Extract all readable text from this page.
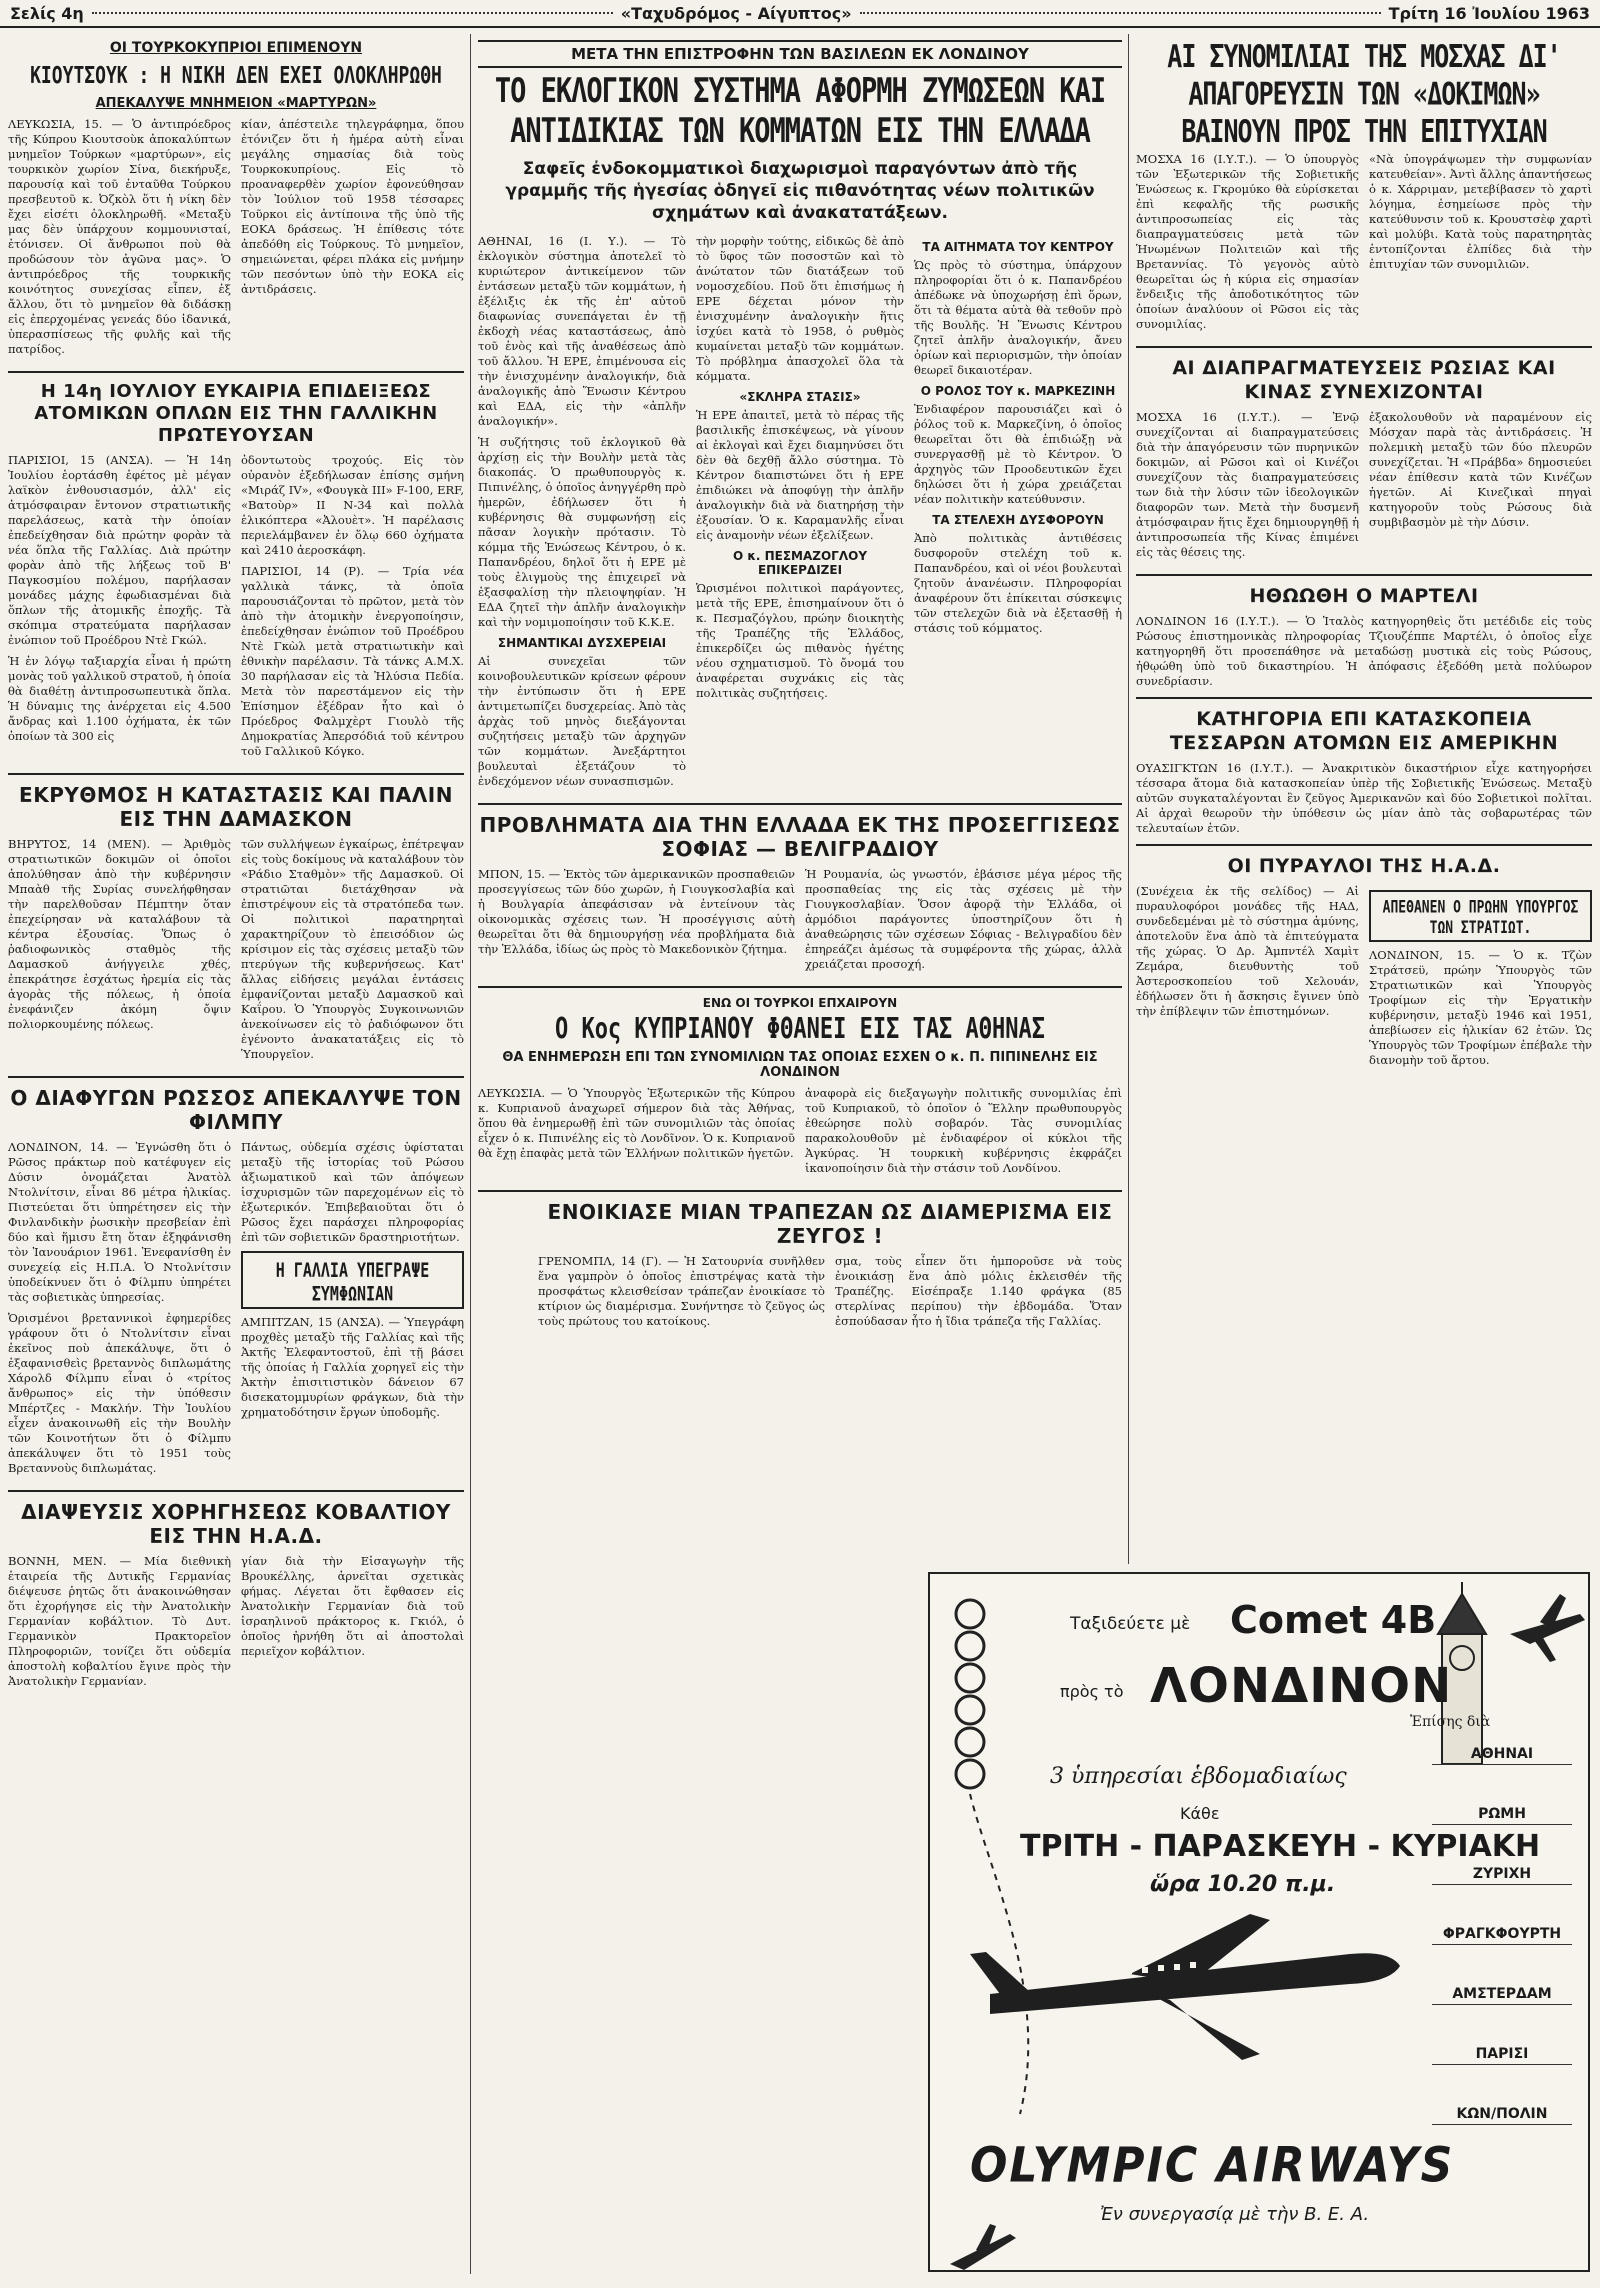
Σελίς 4η	«Ταχυδρόμος - Αίγυπτος»	Τρίτη 16 Ἰουλίου 1963
ΟΙ ΤΟΥΡΚΟΚΥΠΡΙΟΙ ΕΠΙΜΕΝΟΥΝ
ΚΙΟΥΤΣΟΥΚ : Η ΝΙΚΗ ΔΕΝ ΕΧΕΙ ΟΛΟΚΛΗΡΩΘΗ
ΑΠΕΚΑΛΥΨΕ ΜΝΗΜΕΙΟΝ «ΜΑΡΤΥΡΩΝ»

ΛΕΥΚΩΣΙΑ, 15. — Ὁ ἀντιπρόεδρος τῆς Κύπρου Κιουτσοὺκ ἀποκαλύπτων μνημεῖον Τούρκων «μαρτύρων», εἰς τουρκικὸν χωρίον Σίνα, διεκήρυξε, παρουσίᾳ καὶ τοῦ ἐνταῦθα Τούρκου πρεσβευτοῦ κ. Ὀζκὸλ ὅτι ἡ νίκη δὲν ἔχει εἰσέτι ὁλοκληρωθῆ. «Μεταξὺ μας δὲν ὑπάρχουν κομμουνισταί, ἐτόνισεν. Οἱ ἄνθρωποι ποὺ θὰ προδώσουν τὸν ἀγῶνα μας». Ὁ ἀντιπρόεδρος τῆς τουρκικῆς κοινότητος συνεχίσας εἶπεν, ἐξ ἄλλου, ὅτι τὸ μνημεῖον θὰ διδάσκῃ εἰς ἐπερχομένας γενεάς δύο ἰδανικά, ὑπερασπίσεως τῆς φυλῆς καὶ τῆς πατρίδος.

κίαν, ἀπέστειλε τηλεγράφημα, ὅπου ἐτόνιζεν ὅτι ἡ ἡμέρα αὐτὴ εἶναι μεγάλης σημασίας διὰ τοὺς Τουρκοκυπρίους. Εἰς τὸ προαναφερθὲν χωρίον ἐφονεύθησαν τὸν Ἰούλιον τοῦ 1958 τέσσαρες Τοῦρκοι εἰς ἀντίποινα τῆς ὑπὸ τῆς ΕΟΚΑ δράσεως. Ἡ ἐπίθεσις τότε ἀπεδόθη εἰς Τούρκους. Τὸ μνημεῖον, σημειώνεται, φέρει πλάκα εἰς μνήμην τῶν πεσόντων ὑπὸ τὴν ΕΟΚΑ εἰς ἀντιδράσεις.

Η 14η ΙΟΥΛΙΟΥ ΕΥΚΑΙΡΙΑ ΕΠΙΔΕΙΞΕΩΣ ΑΤΟΜΙΚΩΝ ΟΠΛΩΝ ΕΙΣ ΤΗΝ ΓΑΛΛΙΚΗΝ ΠΡΩΤΕΥΟΥΣΑΝ

ΠΑΡΙΣΙΟΙ, 15 (ΑΝΣΑ). — Ἡ 14η Ἰουλίου ἑορτάσθη ἐφέτος μὲ μέγαν λαϊκὸν ἐνθουσιασμόν, ἀλλ' εἰς ἀτμόσφαιραν ἔντονον στρατιωτικῆς παρελάσεως, κατὰ τὴν ὁποίαν ἐπεδείχθησαν διὰ πρώτην φορὰν τὰ νέα ὅπλα τῆς Γαλλίας. Διὰ πρώτην φορὰν ἀπὸ τῆς λήξεως τοῦ Β' Παγκοσμίου πολέμου, παρήλασαν μονάδες μάχης ἐφωδιασμέναι διὰ ὅπλων τῆς ἀτομικῆς ἐποχῆς. Τὰ σκόπιμα στρατεύματα παρήλασαν ἐνώπιον τοῦ Προέδρου Ντὲ Γκώλ.

Ἡ ἐν λόγῳ ταξιαρχία εἶναι ἡ πρώτη μονὰς τοῦ γαλλικοῦ στρατοῦ, ἡ ὁποία θὰ διαθέτῃ ἀντιπροσωπευτικὰ ὅπλα. Ἡ δύναμις της ἀνέρχεται εἰς 4.500 ἄνδρας καὶ 1.100 ὀχήματα, ἐκ τῶν ὁποίων τὰ 300 εἰς

ὀδοντωτοὺς τροχούς. Εἰς τὸν οὐρανὸν ἐξεδήλωσαν ἐπίσης σμήνη «Μιράζ IV», «Φουγκὰ ΙΙΙ» F-100, ERF, «Βατοὺρ» II N-34 καὶ πολλὰ ἑλικόπτερα «Ἀλουὲτ». Ἡ παρέλασις περιελάμβανεν ἐν ὅλῳ 660 ὀχήματα καὶ 2410 ἀεροσκάφη.

ΠΑΡΙΣΙΟΙ, 14 (Ρ). — Τρία νέα γαλλικὰ τάνκς, τὰ ὁποῖα παρουσιάζονται τὸ πρῶτον, μετὰ τὸν ἀπὸ τὴν ἀτομικὴν ἐνεργοποίησιν, ἐπεδείχθησαν ἐνώπιον τοῦ Προέδρου Ντὲ Γκὼλ μετὰ στρατιωτικὴν καὶ ἐθνικὴν παρέλασιν. Τὰ τάνκς Α.Μ.Χ. 30 παρήλασαν εἰς τὰ Ἠλύσια Πεδία. Μετὰ τὸν παρεστάμενον εἰς τὴν Ἐπίσημον ἐξέδραν ἦτο καὶ ὁ Πρόεδρος Φαλμχὲρτ Γιουλὸ τῆς Δημοκρατίας Ἀπερσόδιά τοῦ κέντρου τοῦ Γαλλικοῦ Κόγκο.

ΕΚΡΥΘΜΟΣ Η ΚΑΤΑΣΤΑΣΙΣ ΚΑΙ ΠΑΛΙΝ ΕΙΣ ΤΗΝ ΔΑΜΑΣΚΟΝ

ΒΗΡΥΤΟΣ, 14 (ΜΕΝ). — Ἀριθμὸς στρατιωτικῶν δοκιμῶν οἱ ὁποῖοι ἀπολύθησαν ἀπὸ τὴν κυβέρνησιν Μπαὰθ τῆς Συρίας συνελήφθησαν τὴν παρελθοῦσαν Πέμπτην ὅταν ἐπεχείρησαν νὰ καταλάβουν τὰ κέντρα ἐξουσίας. Ὅπως ὁ ῥαδιοφωνικὸς σταθμὸς τῆς Δαμασκοῦ ἀνήγγειλε χθές, ἐπεκράτησε ἐσχάτως ἠρεμία εἰς τὰς ἀγορὰς τῆς πόλεως, ἡ ὁποία ἐνεφάνιζεν ἀκόμη ὄψιν πολιορκουμένης πόλεως.

τῶν συλλήψεων ἐγκαίρως, ἐπέτρεψαν εἰς τοὺς δοκίμους νὰ καταλάβουν τὸν «Ράδιο Σταθμὸν» τῆς Δαμασκοῦ. Οἱ στρατιῶται διετάχθησαν νὰ ἐπιστρέψουν εἰς τὰ στρατόπεδα των. Οἱ πολιτικοὶ παρατηρηταὶ χαρακτηρίζουν τὸ ἐπεισόδιον ὡς κρίσιμον εἰς τὰς σχέσεις μεταξὺ τῶν πτερύγων τῆς κυβερνήσεως. Κατ' ἄλλας εἰδήσεις μεγάλαι ἐντάσεις ἐμφανίζονται μεταξὺ Δαμασκοῦ καὶ Καΐρου. Ὁ Ὑπουργὸς Συγκοινωνιῶν ἀνεκοίνωσεν εἰς τὸ ῥαδιόφωνον ὅτι ἐγένοντο ἀνακατατάξεις εἰς τὸ Ὑπουργεῖον.

Ο ΔΙΑΦΥΓΩΝ ΡΩΣΣΟΣ ΑΠΕΚΑΛΥΨΕ ΤΟΝ ΦΙΛΜΠΥ

ΛΟΝΔΙΝΟΝ, 14. — Ἐγνώσθη ὅτι ὁ Ρῶσος πράκτωρ ποὺ κατέφυγεν εἰς Δύσιν ὀνομάζεται Ἀνατὸλ Ντολνίτσιν, εἶναι 86 μέτρα ἡλικίας. Πιστεύεται ὅτι ὑπηρέτησεν εἰς τὴν Φινλανδικὴν ῥωσικὴν πρεσβείαν ἐπὶ δύο καὶ ἥμισυ ἔτη ὅταν ἐξηφάνισθη τὸν Ἰανουάριον 1961. Ἐνεφανίσθη ἐν συνεχείᾳ εἰς Η.Π.Α. Ὁ Ντολνίτσιν ὑποδείκνυεν ὅτι ὁ Φίλμπυ ὑπηρέτει τὰς σοβιετικὰς ὑπηρεσίας.

Ὁρισμένοι βρεταννικοὶ ἐφημερίδες γράφουν ὅτι ὁ Ντολνίτσιν εἶναι ἐκεῖνος ποὺ ἀπεκάλυψε, ὅτι ὁ ἐξαφανισθεὶς βρεταννὸς διπλωμάτης Χάρολδ Φίλμπυ εἶναι ὁ «τρίτος ἄνθρωπος» εἰς τὴν ὑπόθεσιν Μπέρτζες - Μακλήν. Τὴν Ἰουλίου εἶχεν ἀνακοινωθῆ εἰς τὴν Βουλὴν τῶν Κοινοτήτων ὅτι ὁ Φίλμπυ ἀπεκάλυψεν ὅτι τὸ 1951 τοὺς Βρεταννοὺς διπλωμάτας.

Πάντως, οὐδεμία σχέσις ὑφίσταται μεταξὺ τῆς ἱστορίας τοῦ Ρώσου ἀξιωματικοῦ καὶ τῶν ἀπόψεων ἰσχυρισμῶν τῶν παρεχομένων εἰς τὸ ἐξωτερικόν. Ἐπιβεβαιοῦται ὅτι ὁ Ρῶσος ἔχει παράσχει πληροφορίας ἐπὶ τῶν σοβιετικῶν δραστηριοτήτων.

Η ΓΑΛΛΙΑ ΥΠΕΓΡΑΨΕ ΣΥΜΦΩΝΙΑΝ

ΑΜΠΙΤΖΑΝ, 15 (ΑΝΣΑ). — Ὑπεγράφη προχθὲς μεταξὺ τῆς Γαλλίας καὶ τῆς Ἀκτῆς Ἐλεφαντοστοῦ, ἐπὶ τῇ βάσει τῆς ὁποίας ἡ Γαλλία χορηγεῖ εἰς τὴν Ἀκτὴν ἐπισιτιστικὸν δάνειον 67 δισεκατομμυρίων φράγκων, διὰ τὴν χρηματοδότησιν ἔργων ὑποδομῆς.

ΔΙΑΨΕΥΣΙΣ ΧΟΡΗΓΗΣΕΩΣ ΚΟΒΑΛΤΙΟΥ ΕΙΣ ΤΗΝ Η.Α.Δ.

ΒΟΝΝΗ, ΜΕΝ. — Μία διεθνικὴ ἑταιρεία τῆς Δυτικῆς Γερμανίας διέψευσε ῥητῶς ὅτι ἀνακοινώθησαν ὅτι ἐχορήγησε εἰς τὴν Ἀνατολικὴν Γερμανίαν κοβάλτιον. Τὸ Δυτ. Γερμανικὸν Πρακτορεῖον Πληροφοριῶν, τονίζει ὅτι οὐδεμία ἀποστολὴ κοβαλτίου ἔγινε πρὸς τὴν Ἀνατολικὴν Γερμανίαν.

γίαν διὰ τὴν Εἰσαγωγὴν τῆς Βρουκέλλης, ἀρνεῖται σχετικὰς φήμας. Λέγεται ὅτι ἔφθασεν εἰς Ἀνατολικὴν Γερμανίαν διὰ τοῦ ἰσραηλινοῦ πράκτορος κ. Γκιόλ, ὁ ὁποῖος ἠρνήθη ὅτι αἱ ἀποστολαὶ περιεῖχον κοβάλτιον.

ΜΕΤΑ ΤΗΝ ΕΠΙΣΤΡΟΦΗΝ ΤΩΝ ΒΑΣΙΛΕΩΝ ΕΚ ΛΟΝΔΙΝΟΥ
ΤΟ ΕΚΛΟΓΙΚΟΝ ΣΥΣΤΗΜΑ ΑΦΟΡΜΗ ΖΥΜΩΣΕΩΝ ΚΑΙ ΑΝΤΙΔΙΚΙΑΣ ΤΩΝ ΚΟΜΜΑΤΩΝ ΕΙΣ ΤΗΝ ΕΛΛΑΔΑ
Σαφεῖς ἐνδοκομματικοὶ διαχωρισμοὶ παραγόντων ἀπὸ τῆς γραμμῆς τῆς ἡγεσίας ὁδηγεῖ εἰς πιθανότητας νέων πολιτικῶν σχημάτων καὶ ἀνακατατάξεων.

ΑΘΗΝΑΙ, 16 (Ι. Υ.). — Τὸ ἐκλογικὸν σύστημα ἀποτελεῖ τὸ κυριώτερον ἀντικείμενον τῶν ἐντάσεων μεταξὺ τῶν κομμάτων, ἡ ἐξέλιξις ἐκ τῆς ἐπ' αὐτοῦ διαφωνίας συνεπάγεται ἐν τῇ ἐκδοχὴ νέας καταστάσεως, ἀπὸ τοῦ ἑνὸς καὶ τῆς ἀναθέσεως ἀπὸ τοῦ ἄλλου. Ἡ ΕΡΕ, ἐπιμένουσα εἰς τὴν ἐνισχυμένην ἀναλογικήν, διὰ ἀναλογικῆς ἀπὸ Ἕνωσιν Κέντρου καὶ ΕΔΑ, εἰς τὴν «ἀπλῆν ἀναλογικήν».

Ἡ συζήτησις τοῦ ἐκλογικοῦ θὰ ἀρχίσῃ εἰς τὴν Βουλὴν μετὰ τὰς διακοπάς. Ὁ πρωθυπουργὸς κ. Πιπινέλης, ὁ ὁποῖος ἀνηγγέρθη πρὸ ἡμερῶν, ἐδήλωσεν ὅτι ἡ κυβέρνησις θὰ συμφωνήσῃ εἰς πᾶσαν λογικὴν πρότασιν. Τὸ κόμμα τῆς Ἑνώσεως Κέντρου, ὁ κ. Παπανδρέου, δηλοῖ ὅτι ἡ ΕΡΕ μὲ τοὺς ἐλιγμοὺς της ἐπιχειρεῖ νὰ ἐξασφαλίσῃ τὴν πλειοψηφίαν. Ἡ ΕΔΑ ζητεῖ τὴν ἁπλῆν ἀναλογικὴν καὶ τὴν νομιμοποίησιν τοῦ Κ.Κ.Ε.

ΣΗΜΑΝΤΙΚΑΙ ΔΥΣΧΕΡΕΙΑΙ

Αἱ συνεχεῖαι τῶν κοινοβουλευτικῶν κρίσεων φέρουν τὴν ἐντύπωσιν ὅτι ἡ ΕΡΕ ἀντιμετωπίζει δυσχερείας. Ἀπὸ τὰς ἀρχὰς τοῦ μηνὸς διεξάγονται συζητήσεις μεταξὺ τῶν ἀρχηγῶν τῶν κομμάτων. Ἀνεξάρτητοι βουλευταὶ ἐξετάζουν τὸ ἐνδεχόμενον νέων συνασπισμῶν.

τὴν μορφὴν τούτης, εἰδικῶς δὲ ἀπὸ τὸ ὕφος τῶν ποσοστῶν καὶ τὸ ἀνώτατον τῶν διατάξεων τοῦ νομοσχεδίου. Ποῦ ὅτι ἐπισήμως ἡ ΕΡΕ δέχεται μόνον τὴν ἐνισχυμένην ἀναλογικὴν ἥτις ἰσχύει κατὰ τὸ 1958, ὁ ρυθμὸς κυμαίνεται μεταξὺ τῶν κομμάτων. Τὸ πρόβλημα ἀπασχολεῖ ὅλα τὰ κόμματα.

«ΣΚΛΗΡΑ ΣΤΑΣΙΣ»

Ἡ ΕΡΕ ἀπαιτεῖ, μετὰ τὸ πέρας τῆς βασιλικῆς ἐπισκέψεως, νὰ γίνουν αἱ ἐκλογαὶ καὶ ἔχει διαμηνύσει ὅτι δὲν θὰ δεχθῇ ἄλλο σύστημα. Τὸ Κέντρον διαπιστώνει ὅτι ἡ ΕΡΕ ἐπιδιώκει νὰ ἀποφύγῃ τὴν ἀπλῆν ἀναλογικὴν διὰ νὰ διατηρήσῃ τὴν ἐξουσίαν. Ὁ κ. Καραμανλῆς εἶναι εἰς ἀναμονὴν νέων ἐξελίξεων.

Ο κ. ΠΕΣΜΑΖΟΓΛΟΥ ΕΠΙΚΕΡΔΙΖΕΙ

Ὡρισμένοι πολιτικοὶ παράγοντες, μετὰ τῆς ΕΡΕ, ἐπισημαίνουν ὅτι ὁ κ. Πεσμαζόγλου, πρώην διοικητὴς τῆς Τραπέζης τῆς Ἑλλάδος, ἐπικερδίζει ὡς πιθανὸς ἡγέτης νέου σχηματισμοῦ. Τὸ ὄνομά του ἀναφέρεται συχνάκις εἰς τὰς πολιτικὰς συζητήσεις.

ΤΑ ΑΙΤΗΜΑΤΑ ΤΟΥ ΚΕΝΤΡΟΥ

Ὡς πρὸς τὸ σύστημα, ὑπάρχουν πληροφορίαι ὅτι ὁ κ. Παπανδρέου ἀπέδωκε νὰ ὑποχωρήσῃ ἐπὶ ὅρων, ὅτι τὰ θέματα αὐτὰ θὰ τεθοῦν πρὸ τῆς Βουλῆς. Ἡ Ἕνωσις Κέντρου ζητεῖ ἀπλῆν ἀναλογικήν, ἄνευ ὁρίων καὶ περιορισμῶν, τὴν ὁποίαν θεωρεῖ δικαιοτέραν.

Ο ΡΟΛΟΣ ΤΟΥ κ. ΜΑΡΚΕΖΙΝΗ

Ἐνδιαφέρον παρουσιάζει καὶ ὁ ῥόλος τοῦ κ. Μαρκεζίνη, ὁ ὁποῖος θεωρεῖται ὅτι θὰ ἐπιδιώξῃ νὰ συνεργασθῇ μὲ τὸ Κέντρον. Ὁ ἀρχηγὸς τῶν Προοδευτικῶν ἔχει δηλώσει ὅτι ἡ χώρα χρειάζεται νέαν πολιτικὴν κατεύθυνσιν.

ΤΑ ΣΤΕΛΕΧΗ ΔΥΣΦΟΡΟΥΝ

Ἀπὸ πολιτικὰς ἀντιθέσεις δυσφοροῦν στελέχη τοῦ κ. Παπανδρέου, καὶ οἱ νέοι βουλευταὶ ζητοῦν ἀνανέωσιν. Πληροφορίαι ἀναφέρουν ὅτι ἐπίκειται σύσκεψις τῶν στελεχῶν διὰ νὰ ἐξετασθῇ ἡ στάσις τοῦ κόμματος.

ΠΡΟΒΛΗΜΑΤΑ ΔΙΑ ΤΗΝ ΕΛΛΑΔΑ ΕΚ ΤΗΣ ΠΡΟΣΕΓΓΙΣΕΩΣ ΣΟΦΙΑΣ — ΒΕΛΙΓΡΑΔΙΟΥ

ΜΠΟΝ, 15. — Ἐκτὸς τῶν ἀμερικανικῶν προσπαθειῶν προσεγγίσεως τῶν δύο χωρῶν, ἡ Γιουγκοσλαβία καὶ ἡ Βουλγαρία ἀπεφάσισαν νὰ ἐντείνουν τὰς οἰκονομικὰς σχέσεις των. Ἡ προσέγγισις αὐτὴ θεωρεῖται ὅτι θὰ δημιουργήσῃ νέα προβλήματα διὰ τὴν Ἑλλάδα, ἰδίως ὡς πρὸς τὸ Μακεδονικὸν ζήτημα.

Ἡ Ρουμανία, ὡς γνωστόν, ἐβάσισε μέγα μέρος τῆς προσπαθείας της εἰς τὰς σχέσεις μὲ τὴν Γιουγκοσλαβίαν. Ὅσον ἀφορᾷ τὴν Ἑλλάδα, οἱ ἁρμόδιοι παράγοντες ὑποστηρίζουν ὅτι ἡ ἀναθεώρησις τῶν σχέσεων Σόφιας - Βελιγραδίου δὲν ἐπηρεάζει ἀμέσως τὰ συμφέροντα τῆς χώρας, ἀλλὰ χρειάζεται προσοχή.

ΕΝΩ ΟΙ ΤΟΥΡΚΟΙ ΕΠΧΑΙΡΟΥΝ
Ο Κος ΚΥΠΡΙΑΝΟΥ ΦΘΑΝΕΙ ΕΙΣ ΤΑΣ ΑΘΗΝΑΣ
ΘΑ ΕΝΗΜΕΡΩΣΗ ΕΠΙ ΤΩΝ ΣΥΝΟΜΙΛΙΩΝ ΤΑΣ ΟΠΟΙΑΣ ΕΣΧΕΝ Ο κ. Π. ΠΙΠΙΝΕΛΗΣ ΕΙΣ ΛΟΝΔΙΝΟΝ

ΛΕΥΚΩΣΙΑ. — Ὁ Ὑπουργὸς Ἐξωτερικῶν τῆς Κύπρου κ. Κυπριανοῦ ἀναχωρεῖ σήμερον διὰ τὰς Ἀθήνας, ὅπου θὰ ἐνημερωθῇ ἐπὶ τῶν συνομιλιῶν τὰς ὁποίας εἶχεν ὁ κ. Πιπινέλης εἰς τὸ Λονδῖνον. Ὁ κ. Κυπριανοῦ θὰ ἔχῃ ἐπαφὰς μετὰ τῶν Ἑλλήνων πολιτικῶν ἡγετῶν.

ἀναφορὰ εἰς διεξαγωγὴν πολιτικῆς συνομιλίας ἐπὶ τοῦ Κυπριακοῦ, τὸ ὁποῖον ὁ Ἕλλην πρωθυπουργὸς ἐθεώρησε πολὺ σοβαρόν. Τὰς συνομιλίας παρακολουθοῦν μὲ ἐνδιαφέρον οἱ κύκλοι τῆς Ἀγκύρας. Ἡ τουρκικὴ κυβέρνησις ἐκφράζει ἱκανοποίησιν διὰ τὴν στάσιν τοῦ Λονδίνου.

ΕΝΟΙΚΙΑΣΕ ΜΙΑΝ ΤΡΑΠΕΖΑΝ ΩΣ ΔΙΑΜΕΡΙΣΜΑ ΕΙΣ ΖΕΥΓΟΣ !

ΓΡΕΝΟΜΠΛ, 14 (Γ). — Ἡ Σατουρνία συνῆλθεν ἕνα γαμπρὸν ὁ ὁποῖος ἐπιστρέψας κατὰ τὴν προσφάτως κλεισθείσαν τράπεζαν ἐνοικίασε τὸ κτίριον ὡς διαμέρισμα. Συνήντησε τὸ ζεῦγος ὡς τοὺς πρώτους του κατοίκους.

σμα, τοὺς εἶπεν ὅτι ἠμποροῦσε νὰ τοὺς ἐνοικιάσῃ ἕνα ἀπὸ μόλις ἐκλεισθέν τῆς Τραπέζης. Εἰσέπραξε 1.140 φράγκα (85 στερλίνας περίπου) τὴν ἑβδομάδα. Ὅταν ἐσπούδασαν ἦτο ἡ ἴδια τράπεζα τῆς Γαλλίας.

ΑΙ ΣΥΝΟΜΙΛΙΑΙ ΤΗΣ ΜΟΣΧΑΣ ΔΙ' ΑΠΑΓΟΡΕΥΣΙΝ ΤΩΝ «ΔΟΚΙΜΩΝ» ΒΑΙΝΟΥΝ ΠΡΟΣ ΤΗΝ ΕΠΙΤΥΧΙΑΝ

ΜΟΣΧΑ 16 (Ι.Υ.Τ.). — Ὁ ὑπουργὸς τῶν Ἐξωτερικῶν τῆς Σοβιετικῆς Ἑνώσεως κ. Γκρομύκο θὰ εὑρίσκεται ἐπὶ κεφαλῆς τῆς ρωσικῆς ἀντιπροσωπείας εἰς τὰς διαπραγματεύσεις μετὰ τῶν Ἡνωμένων Πολιτειῶν καὶ τῆς Βρεταννίας. Τὸ γεγονὸς αὐτὸ θεωρεῖται ὡς ἡ κύρια εἰς σημασίαν ἔνδειξις τῆς ἀποδοτικότητος τῶν ὁποίων ἀναλύουν οἱ Ρῶσοι εἰς τὰς συνομιλίας.

«Νὰ ὑπογράψωμεν τὴν συμφωνίαν κατευθείαν». Ἀντὶ ἄλλης ἀπαντήσεως ὁ κ. Χάρριμαν, μετεβίβασεν τὸ χαρτὶ λόγημα, ἐσημείωσε πρὸς τὴν κατεύθυνσιν τοῦ κ. Κρουστσὲφ χαρτὶ καὶ μολύβι. Κατὰ τοὺς παρατηρητὰς ἐντοπίζονται ἐλπίδες διὰ τὴν ἐπιτυχίαν τῶν συνομιλιῶν.

ΑΙ ΔΙΑΠΡΑΓΜΑΤΕΥΣΕΙΣ ΡΩΣΙΑΣ ΚΑΙ ΚΙΝΑΣ ΣΥΝΕΧΙΖΟΝΤΑΙ

ΜΟΣΧΑ 16 (Ι.Υ.Τ.). — Ἐνῷ συνεχίζονται αἱ διαπραγματεύσεις διὰ τὴν ἀπαγόρευσιν τῶν πυρηνικῶν δοκιμῶν, αἱ Ρῶσοι καὶ οἱ Κινέζοι συνεχίζουν τὰς διαπραγματεύσεις των διὰ τὴν λύσιν τῶν ἰδεολογικῶν διαφορῶν των. Μετὰ τὴν δυσμενῆ ἀτμόσφαιραν ἥτις ἔχει δημιουργηθῇ ἡ ἀντιπροσωπεία τῆς Κίνας ἐπιμένει εἰς τὰς θέσεις της.

ἐξακολουθοῦν νὰ παραμένουν εἰς Μόσχαν παρὰ τὰς ἀντιδράσεις. Ἡ πολεμικὴ μεταξὺ τῶν δύο πλευρῶν συνεχίζεται. Ἡ «Πράβδα» δημοσιεύει νέαν ἐπίθεσιν κατὰ τῶν Κινέζων ἡγετῶν. Αἱ Κινεζικαὶ πηγαὶ κατηγοροῦν τοὺς Ρώσους διὰ συμβιβασμὸν μὲ τὴν Δύσιν.

ΗΘΩΩΘΗ Ο ΜΑΡΤΕΛΙ

ΛΟΝΔΙΝΟΝ 16 (Ι.Υ.Τ.). — Ὁ Ἰταλὸς κατηγορηθεὶς ὅτι μετέδιδε εἰς τοὺς Ρώσους ἐπιστημονικὰς πληροφορίας Τζιουζέππε Μαρτέλι, ὁ ὁποῖος εἶχε κατηγορηθῆ ὅτι προσεπάθησε νὰ μεταδώσῃ μυστικὰ εἰς τοὺς Ρώσους, ἠθῳώθη ὑπὸ τοῦ δικαστηρίου. Ἡ ἀπόφασις ἐξεδόθη μετὰ πολύωρον συνεδρίασιν.

ΚΑΤΗΓΟΡΙΑ ΕΠΙ ΚΑΤΑΣΚΟΠΕΙΑ ΤΕΣΣΑΡΩΝ ΑΤΟΜΩΝ ΕΙΣ ΑΜΕΡΙΚΗΝ

ΟΥΑΣΙΓΚΤΩΝ 16 (Ι.Υ.Τ.). — Ἀνακριτικὸν δικαστήριον εἶχε κατηγορήσει τέσσαρα ἄτομα διὰ κατασκοπείαν ὑπὲρ τῆς Σοβιετικῆς Ἑνώσεως. Μεταξὺ αὐτῶν συγκαταλέγονται ἓν ζεῦγος Ἀμερικανῶν καὶ δύο Σοβιετικοὶ πολῖται. Αἱ ἀρχαὶ θεωροῦν τὴν ὑπόθεσιν ὡς μίαν ἀπὸ τὰς σοβαρωτέρας τῶν τελευταίων ἐτῶν.

ΟΙ ΠΥΡΑΥΛΟΙ ΤΗΣ Η.Α.Δ.

(Συνέχεια ἐκ τῆς σελίδος) — Αἱ πυραυλοφόροι μονάδες τῆς ΗΑΔ, συνδεδεμέναι μὲ τὸ σύστημα ἀμύνης, ἀποτελοῦν ἕνα ἀπὸ τὰ ἐπιτεύγματα τῆς χώρας. Ὁ Δρ. Ἀμπντέλ Χαμὶτ Ζεμάρα, διευθυντὴς τοῦ Ἀστεροσκοπείου τοῦ Χελουάν, ἐδήλωσεν ὅτι ἡ ἄσκησις ἔγινεν ὑπὸ τὴν ἐπίβλεψιν τῶν ἐπιστημόνων.

ΑΠΕΘΑΝΕΝ Ο ΠΡΩΗΝ ΥΠΟΥΡΓΟΣ ΤΩΝ ΣΤΡΑΤΙΩΤ.

ΛΟΝΔΙΝΟΝ, 15. — Ὁ κ. Τζὼν Στράτσεϋ, πρώην Ὑπουργὸς τῶν Στρατιωτικῶν καὶ Ὑπουργὸς Τροφίμων εἰς τὴν Ἐργατικὴν κυβέρνησιν, μεταξὺ 1946 καὶ 1951, ἀπεβίωσεν εἰς ἡλικίαν 62 ἐτῶν. Ὡς Ὑπουργὸς τῶν Τροφίμων ἐπέβαλε τὴν διανομὴν τοῦ ἄρτου.

Ταξιδεύετε μὲ Comet 4B
πρὸς τὸ ΛΟΝΔΙΝΟΝ
Ἐπίσης διὰ
3 ὑπηρεσίαι ἑβδομαδιαίως
Κάθε
ΤΡΙΤΗ - ΠΑΡΑΣΚΕΥΗ - ΚΥΡΙΑΚΗ
ὥρα 10.20 π.μ.
ΑΘΗΝΑΙ
ΡΩΜΗ
ΖΥΡΙΧΗ
ΦΡΑΓΚΦΟΥΡΤΗ
ΑΜΣΤΕΡΔΑΜ
ΠΑΡΙΣΙ
ΚΩΝ/ΠΟΛΙΝ
OLYMPIC AIRWAYS
Ἐν συνεργασίᾳ μὲ τὴν B. E. A.
